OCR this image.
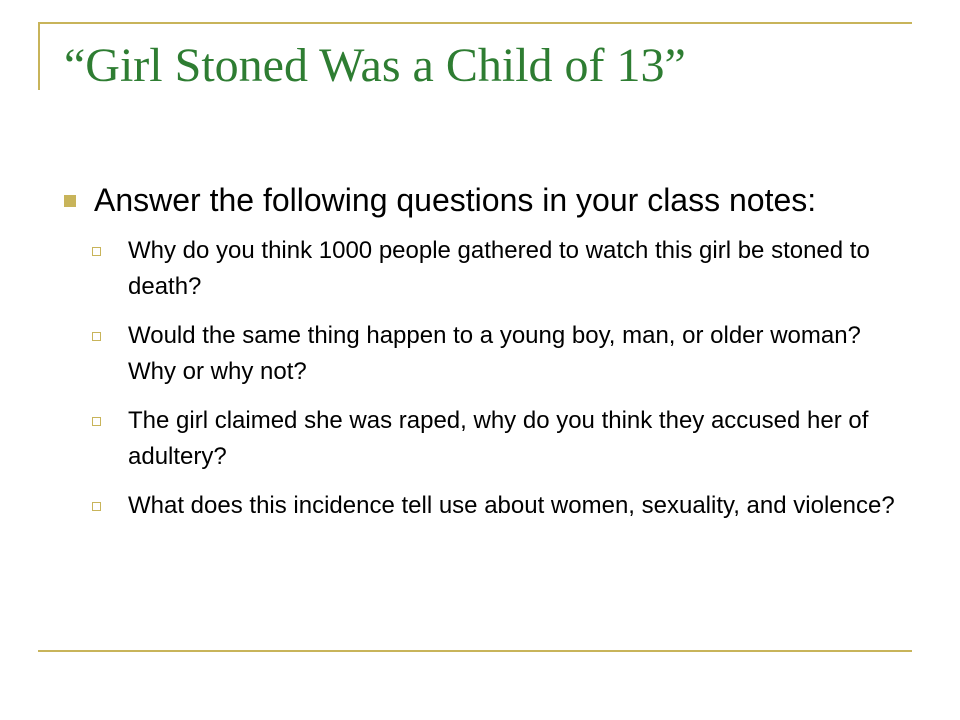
“Girl Stoned Was a Child of 13”
Answer the following questions in your class notes:
Why do you think 1000 people gathered to watch this girl be stoned to death?
Would the same thing happen to a young boy, man, or older woman? Why or why not?
The girl claimed she was raped, why do you think they accused her of adultery?
What does this incidence tell use about women, sexuality, and violence?
